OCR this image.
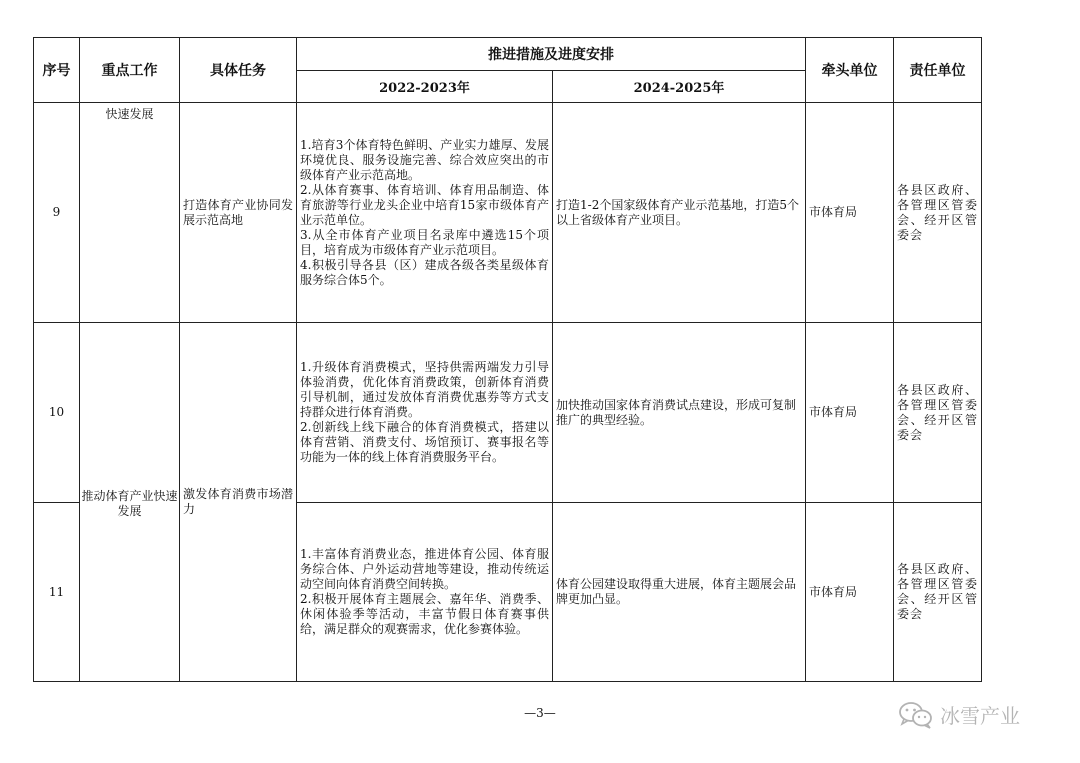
序号	重点工作	具体任务	推进措施及进度安排		牵头单位	责任单位
			2022-2023年	2024-2025年		
9	快速发展	打造体育产业协同发展示范高地	1.培育3个体育特色鲜明、产业实力雄厚、发展环境优良、服务设施完善、综合效应突出的市级体育产业示范高地。
2.从体育赛事、体育培训、体育用品制造、体育旅游等行业龙头企业中培育15家市级体育产业示范单位。
3.从全市体育产业项目名录库中遴选15个项目，培育成为市级体育产业示范项目。
4.积极引导各县（区）建成各级各类星级体育服务综合体5个。	打造1-2个国家级体育产业示范基地，打造5个以上省级体育产业项目。	市体育局	各县区政府、各管理区管委会、经开区管委会
10	推动体育产业快速发展	激发体育消费市场潜力	1.升级体育消费模式，坚持供需两端发力引导体验消费，优化体育消费政策，创新体育消费引导机制，通过发放体育消费优惠券等方式支持群众进行体育消费。
2.创新线上线下融合的体育消费模式，搭建以体育营销、消费支付、场馆预订、赛事报名等功能为一体的线上体育消费服务平台。	加快推动国家体育消费试点建设，形成可复制推广的典型经验。	市体育局	各县区政府、各管理区管委会、经开区管委会
11			1.丰富体育消费业态，推进体育公园、体育服务综合体、户外运动营地等建设，推动传统运动空间向体育消费空间转换。
2.积极开展体育主题展会、嘉年华、消费季、休闲体验季等活动，丰富节假日体育赛事供给，满足群众的观赛需求，优化参赛体验。	体育公园建设取得重大进展，体育主题展会品牌更加凸显。	市体育局	各县区政府、各管理区管委会、经开区管委会
—3—	冰雪产业
